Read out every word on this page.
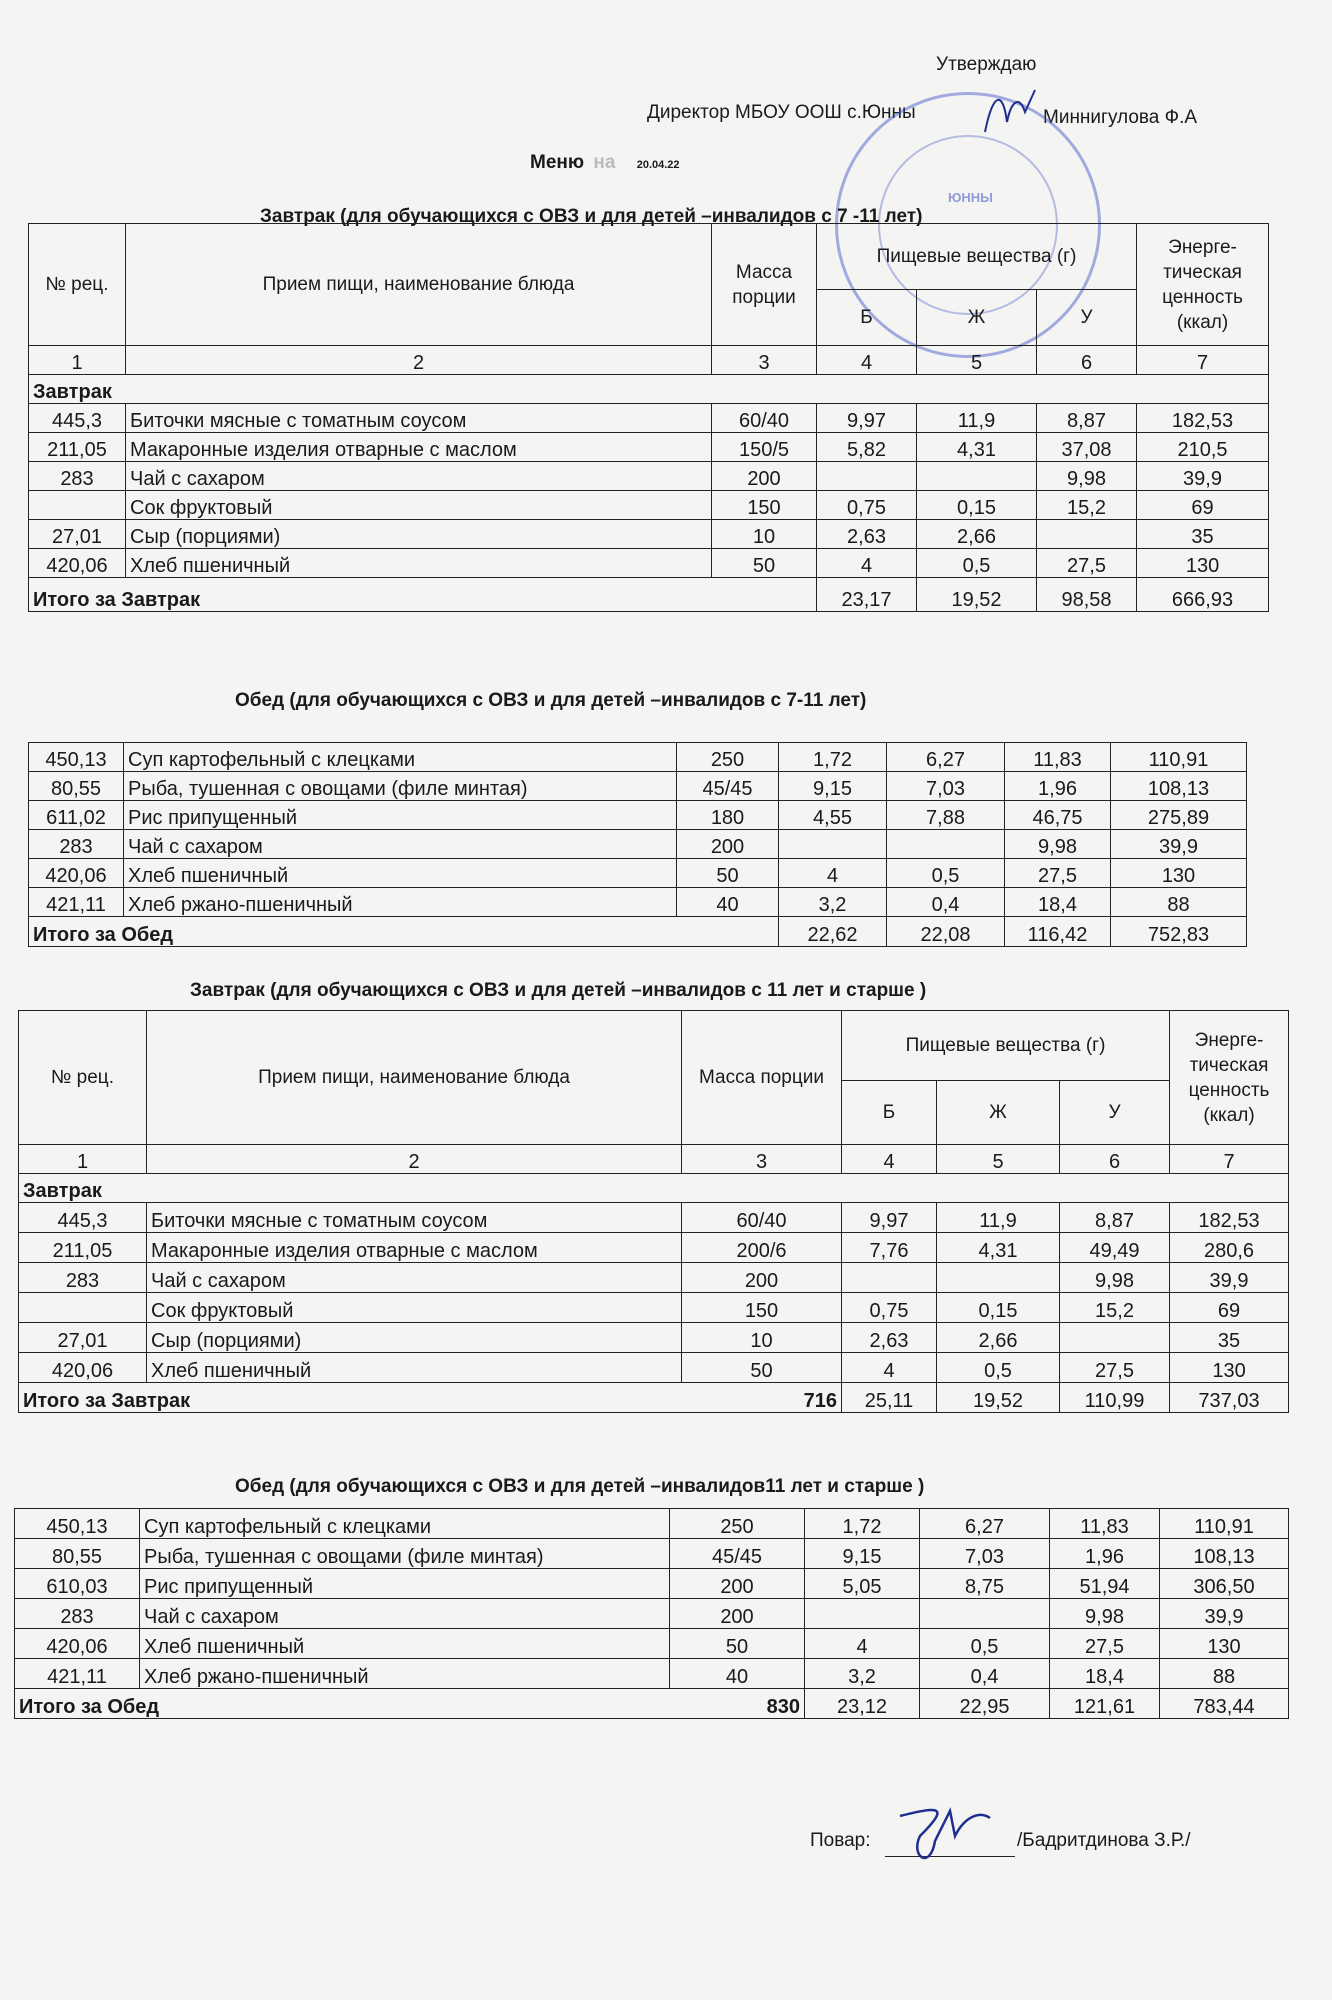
Утверждаю
Директор МБОУ ООШ с.Юнны	Миннигулова Ф.А
ЮННЫ
Меню на 20.04.22
Завтрак (для обучающихся с ОВЗ и для детей –инвалидов с 7 -11 лет)
№ рец.	Прием пищи, наименование блюда	Масса порции	Пищевые вещества (г)			Энерге-тическая ценность (ккал)
			Б	Ж	У	
1	2	3	4	5	6	7
Завтрак						
445,3	Биточки мясные с томатным соусом	60/40	9,97	11,9	8,87	182,53
211,05	Макаронные изделия отварные с маслом	150/5	5,82	4,31	37,08	210,5
283	Чай с сахаром	200			9,98	39,9
	Сок фруктовый	150	0,75	0,15	15,2	69
27,01	Сыр (порциями)	10	2,63	2,66		35
420,06	Хлеб пшеничный	50	4	0,5	27,5	130
Итого за Завтрак			23,17	19,52	98,58	666,93
Обед (для обучающихся с ОВЗ и для детей –инвалидов с 7-11 лет)
450,13	Суп картофельный с клецками	250	1,72	6,27	11,83	110,91
80,55	Рыба, тушенная с овощами (филе минтая)	45/45	9,15	7,03	1,96	108,13
611,02	Рис припущенный	180	4,55	7,88	46,75	275,89
283	Чай с сахаром	200			9,98	39,9
420,06	Хлеб пшеничный	50	4	0,5	27,5	130
421,11	Хлеб ржано-пшеничный	40	3,2	0,4	18,4	88
Итого за Обед			22,62	22,08	116,42	752,83
Завтрак (для обучающихся с ОВЗ и для детей –инвалидов с 11 лет и старше )
№ рец.	Прием пищи, наименование блюда	Масса порции	Пищевые вещества (г)			Энерге-тическая ценность (ккал)
			Б	Ж	У	
1	2	3	4	5	6	7
Завтрак						
445,3	Биточки мясные с томатным соусом	60/40	9,97	11,9	8,87	182,53
211,05	Макаронные изделия отварные с маслом	200/6	7,76	4,31	49,49	280,6
283	Чай с сахаром	200			9,98	39,9
	Сок фруктовый	150	0,75	0,15	15,2	69
27,01	Сыр (порциями)	10	2,63	2,66		35
420,06	Хлеб пшеничный	50	4	0,5	27,5	130
Итого за Завтрак		716	25,11	19,52	110,99	737,03
Обед (для обучающихся с ОВЗ и для детей –инвалидов11 лет и старше )
450,13	Суп картофельный с клецками	250	1,72	6,27	11,83	110,91
80,55	Рыба, тушенная с овощами (филе минтая)	45/45	9,15	7,03	1,96	108,13
610,03	Рис припущенный	200	5,05	8,75	51,94	306,50
283	Чай с сахаром	200			9,98	39,9
420,06	Хлеб пшеничный	50	4	0,5	27,5	130
421,11	Хлеб ржано-пшеничный	40	3,2	0,4	18,4	88
Итого за Обед		830	23,12	22,95	121,61	783,44
Повар:	/Бадритдинова З.Р./
